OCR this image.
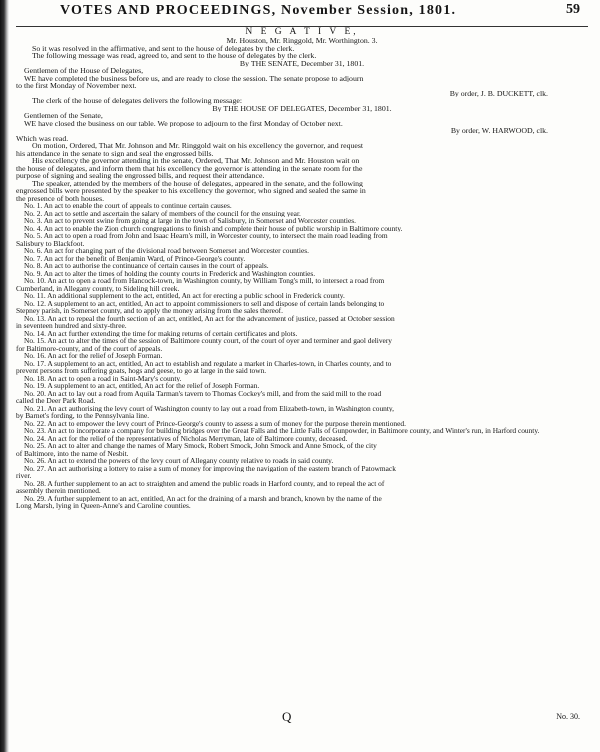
VOTES AND PROCEEDINGS, November Session, 1801.	59
N E G A T I V E,
Mr. Houston, Mr. Ringgold, Mr. Worthington. 3.
So it was resolved in the affirmative, and sent to the house of delegates by the clerk.
The following message was read, agreed to, and sent to the house of delegates by the clerk.
By THE SENATE, December 31, 1801.
Gentlemen of the House of Delegates,
WE have completed the business before us, and are ready to close the session. The senate propose to adjourn
to the first Monday of November next.
By order, J. B. DUCKETT, clk.
The clerk of the house of delegates delivers the following message:
By THE HOUSE OF DELEGATES, December 31, 1801.
Gentlemen of the Senate,
WE have closed the business on our table. We propose to adjourn to the first Monday of October next.
By order, W. HARWOOD, clk.
Which was read.
On motion, Ordered, That Mr. Johnson and Mr. Ringgold wait on his excellency the governor, and request
his attendance in the senate to sign and seal the engrossed bills.
His excellency the governor attending in the senate, Ordered, That Mr. Johnson and Mr. Houston wait on
the house of delegates, and inform them that his excellency the governor is attending in the senate room for the
purpose of signing and sealing the engrossed bills, and request their attendance.
The speaker, attended by the members of the house of delegates, appeared in the senate, and the following
engrossed bills were presented by the speaker to his excellency the governor, who signed and sealed the same in
the presence of both houses.
No. 1. An act to enable the court of appeals to continue certain causes.
No. 2. An act to settle and ascertain the salary of members of the council for the ensuing year.
No. 3. An act to prevent swine from going at large in the town of Salisbury, in Somerset and Worcester counties.
No. 4. An act to enable the Zion church congregations to finish and complete their house of public worship in Baltimore county.
No. 5. An act to open a road from John and Isaac Hearn's mill, in Worcester county, to intersect the main road leading from
Salisbury to Blackfoot.
No. 6. An act for changing part of the divisional road between Somerset and Worcester counties.
No. 7. An act for the benefit of Benjamin Ward, of Prince-George's county.
No. 8. An act to authorise the continuance of certain causes in the court of appeals.
No. 9. An act to alter the times of holding the county courts in Frederick and Washington counties.
No. 10. An act to open a road from Hancock-town, in Washington county, by William Tong's mill, to intersect a road from
Cumberland, in Allegany county, to Sideling hill creek.
No. 11. An additional supplement to the act, entitled, An act for erecting a public school in Frederick county.
No. 12. A supplement to an act, entitled, An act to appoint commissioners to sell and dispose of certain lands belonging to
Stepney parish, in Somerset county, and to apply the money arising from the sales thereof.
No. 13. An act to repeal the fourth section of an act, entitled, An act for the advancement of justice, passed at October session
in seventeen hundred and sixty-three.
No. 14. An act further extending the time for making returns of certain certificates and plots.
No. 15. An act to alter the times of the session of Baltimore county court, of the court of oyer and terminer and gaol delivery
for Baltimore-county, and of the court of appeals.
No. 16. An act for the relief of Joseph Forman.
No. 17. A supplement to an act, entitled, An act to establish and regulate a market in Charles-town, in Charles county, and to
prevent persons from suffering goats, hogs and geese, to go at large in the said town.
No. 18. An act to open a road in Saint-Mary's county.
No. 19. A supplement to an act, entitled, An act for the relief of Joseph Forman.
No. 20. An act to lay out a road from Aquila Tarman's tavern to Thomas Cockey's mill, and from the said mill to the road
called the Deer Park Road.
No. 21. An act authorising the levy court of Washington county to lay out a road from Elizabeth-town, in Washington county,
by Barnet's fording, to the Pennsylvania line.
No. 22. An act to empower the levy court of Prince-George's county to assess a sum of money for the purpose therein mentioned.
No. 23. An act to incorporate a company for building bridges over the Great Falls and the Little Falls of Gunpowder, in Baltimore county, and Winter's run, in Harford county.
No. 24. An act for the relief of the representatives of Nicholas Merryman, late of Baltimore county, deceased.
No. 25. An act to alter and change the names of Mary Smock, Robert Smock, John Smock and Anne Smock, of the city
of Baltimore, into the name of Nesbit.
No. 26. An act to extend the powers of the levy court of Allegany county relative to roads in said county.
No. 27. An act authorising a lottery to raise a sum of money for improving the navigation of the eastern branch of Patowmack
river.
No. 28. A further supplement to an act to straighten and amend the public roads in Harford county, and to repeal the act of
assembly therein mentioned.
No. 29. A further supplement to an act, entitled, An act for the draining of a marsh and branch, known by the name of the
Long Marsh, lying in Queen-Anne's and Caroline counties.
Q	No. 30.
